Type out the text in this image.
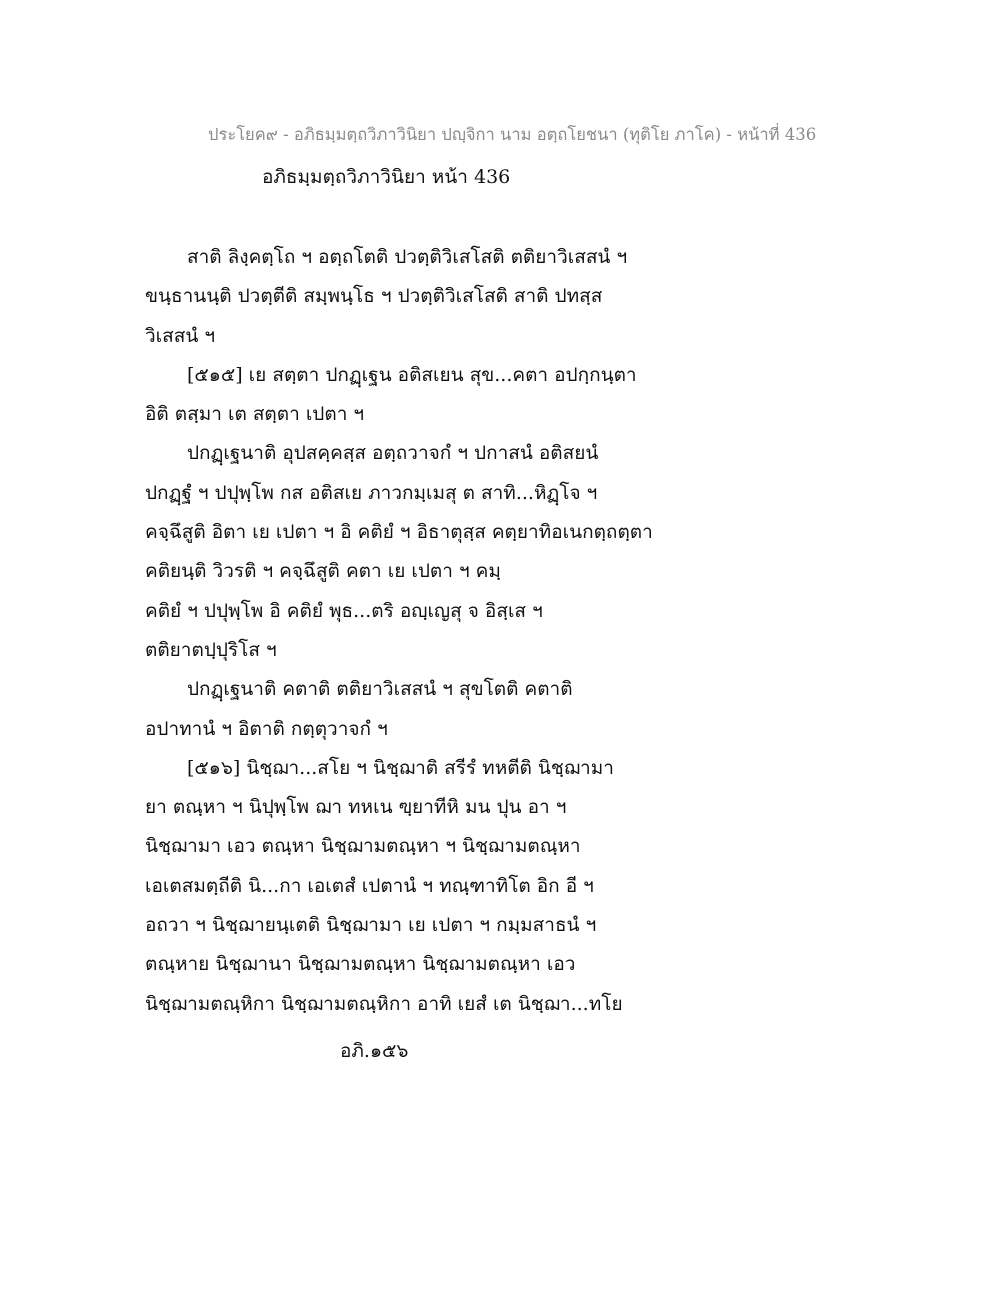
ประโยค๙ - อภิธมฺมตฺถวิภาวินิยา ปญฺจิกา นาม อตฺถโยชนา (ทุติโย ภาโค) - หน้าที่ 436
อภิธมฺมตฺถวิภาวินิยา หน้า 436
สาติ ลิงฺคตฺโถ ฯ อตฺถโตติ ปวตฺติวิเสโสติ ตติยาวิเสสนํ ฯ
ขนฺธานนฺติ ปวตฺตีติ สมฺพนฺโธ ฯ ปวตฺติวิเสโสติ สาติ ปทสฺส
วิเสสนํ ฯ
[๕๑๕] เย สตฺตา ปกฏฺเฐน อติสเยน สุข...คตา อปกฺกนฺตา
อิติ ตสฺมา เต สตฺตา เปตา ฯ
ปกฏฺเฐนาติ อุปสคฺคสฺส อตฺถวาจกํ ฯ ปกาสนํ อติสยนํ
ปกฏฺฐํ ฯ ปปุพฺโพ กส อติสเย ภาวกมฺเมสุ ต สาทิ...หิฏฺโจ ฯ
คจฺฉึสูติ อิตา เย เปตา ฯ อิ คติยํ ฯ อิธาตุสฺส คตฺยาทิอเนกตฺถตฺตา
คติยนฺติ วิวรติ ฯ คจฺฉึสูติ คตา เย เปตา ฯ คมฺ
คติยํ ฯ ปปุพฺโพ อิ คติยํ พุธ...ตริ อญฺเญสุ จ อิสฺเส ฯ
ตติยาตปฺปุริโส ฯ
ปกฏฺเฐนาติ คตาติ ตติยาวิเสสนํ ฯ สุขโตติ คตาติ
อปาทานํ ฯ อิตาติ กตฺตุวาจกํ ฯ
[๕๑๖] นิชฺฌา...สโย ฯ นิชฺฌาติ สรีรํ ทหตีติ นิชฺฌามา
ยา ตณฺหา ฯ นิปุพฺโพ ฌา ทหเน ฃฺยาทีหิ มน ปุน อา ฯ
นิชฺฌามา เอว ตณฺหา นิชฺฌามตณฺหา ฯ นิชฺฌามตณฺหา
เอเตสมตฺถีติ นิ...กา เอเตสํ เปตานํ ฯ ทณฺฑาทิโต อิก อี ฯ
อถวา ฯ นิชฺฌายนฺเตติ นิชฺฌามา เย เปตา ฯ กมฺมสาธนํ ฯ
ตณฺหาย นิชฺฌานา นิชฺฌามตณฺหา นิชฺฌามตณฺหา เอว
นิชฺฌามตณฺหิกา นิชฺฌามตณฺหิกา อาทิ เยสํ เต นิชฺฌา...ทโย
อภิ.๑๕๖
